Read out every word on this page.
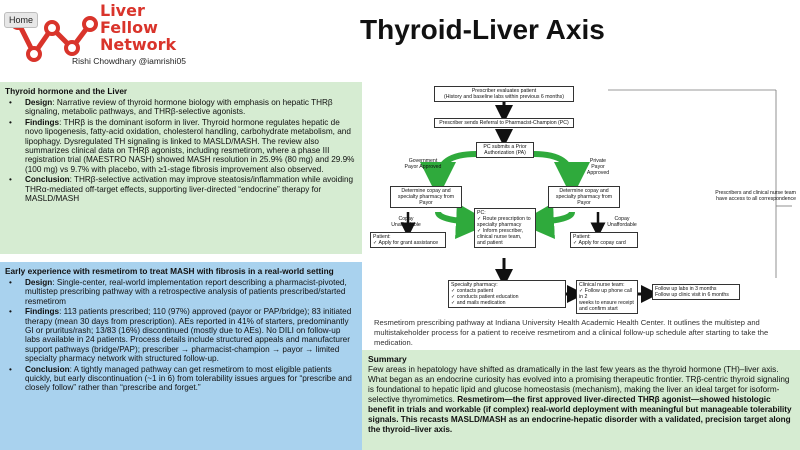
Home	Liver
Fellow
Network
Rishi Chowdhary @iamrishi05
Thyroid-Liver Axis
Thyroid hormone and the Liver
• Design: Narrative review of thyroid hormone biology with emphasis on hepatic THRβ signaling, metabolic pathways, and THRβ-selective agonists.
• Findings: THRβ is the dominant isoform in liver. Thyroid hormone regulates hepatic de novo lipogenesis, fatty-acid oxidation, cholesterol handling, carbohydrate metabolism, and lipophagy. Dysregulated TH signaling is linked to MASLD/MASH. The review also summarizes clinical data on THRβ agonists, including resmetirom, where a phase III registration trial (MAESTRO NASH) showed MASH resolution in 25.9% (80 mg) and 29.9% (100 mg) vs 9.7% with placebo, with ≥1-stage fibrosis improvement also observed.
• Conclusion: THRβ-selective activation may improve steatosis/inflammation while avoiding THRα-mediated off-target effects, supporting liver-directed “endocrine” therapy for MASLD/MASH
Early experience with resmetirom to treat MASH with fibrosis in a real-world setting
• Design: Single-center, real-world implementation report describing a pharmacist-pivoted, multistep prescribing pathway with a retrospective analysis of patients prescribed/started resmetirom
• Findings: 113 patients prescribed; 110 (97%) approved (payor or PAP/bridge); 83 initiated therapy (mean 30 days from prescription). AEs reported in 41% of starters, predominantly GI or pruritus/rash; 13/83 (16%) discontinued (mostly due to AEs). No DILI on follow-up labs available in 24 patients. Process details include structured appeals and manufacturer support pathways (bridge/PAP); prescriber → pharmacist-champion → payor → limited specialty pharmacy network with structured follow-up.
• Conclusion: A tightly managed pathway can get resmetirom to most eligible patients quickly, but early discontinuation (~1 in 6) from tolerability issues argues for “prescribe and closely follow” rather than “prescribe and forget.”
Prescriber evaluates patient
(History and baseline labs within previous 6 months)
Prescriber sends Referral to Pharmacist-Champion (PC)
PC submits a Prior
Authorization (PA)
Government
Payor Approved
Private
Payor
Approved
Determine copay and
specialty pharmacy from
Payor
Determine copay and
specialty pharmacy from
Payor
Copay
Unaffordable
Copay
Unaffordable
Patient:
✓ Apply for grant assistance
Patient:
✓ Apply for copay card
PC:
✓ Route prescription to
specialty pharmacy
✓ Inform prescriber,
clinical nurse team,
and patient
Specialty pharmacy:
✓ contacts patient
✓ conducts patient education
✓ and mails medication
Clinical nurse team:
✓ Follow up phone call in 2
weeks to ensure receipt
and confirm start
Follow up labs in 3 months
Follow up clinic visit in 6 months
Prescribers and clinical nurse team
have access to all correspondence
Resmetirom prescribing pathway at Indiana University Health Academic Health Center. It outlines the multistep and multistakeholder process for a patient to receive resmetirom and a clinical follow-up schedule after starting to take the medication.
Summary
Few areas in hepatology have shifted as dramatically in the last few years as the thyroid hormone (TH)–liver axis. What began as an endocrine curiosity has evolved into a promising therapeutic frontier. TRβ-centric thyroid signaling is foundational to hepatic lipid and glucose homeostasis (mechanism), making the liver an ideal target for isoform-selective thyromimetics. Resmetirom—the first approved liver-directed THRβ agonist—showed histologic benefit in trials and workable (if complex) real-world deployment with meaningful but manageable tolerability signals. This recasts MASLD/MASH as an endocrine-hepatic disorder with a validated, precision target along the thyroid–liver axis.
